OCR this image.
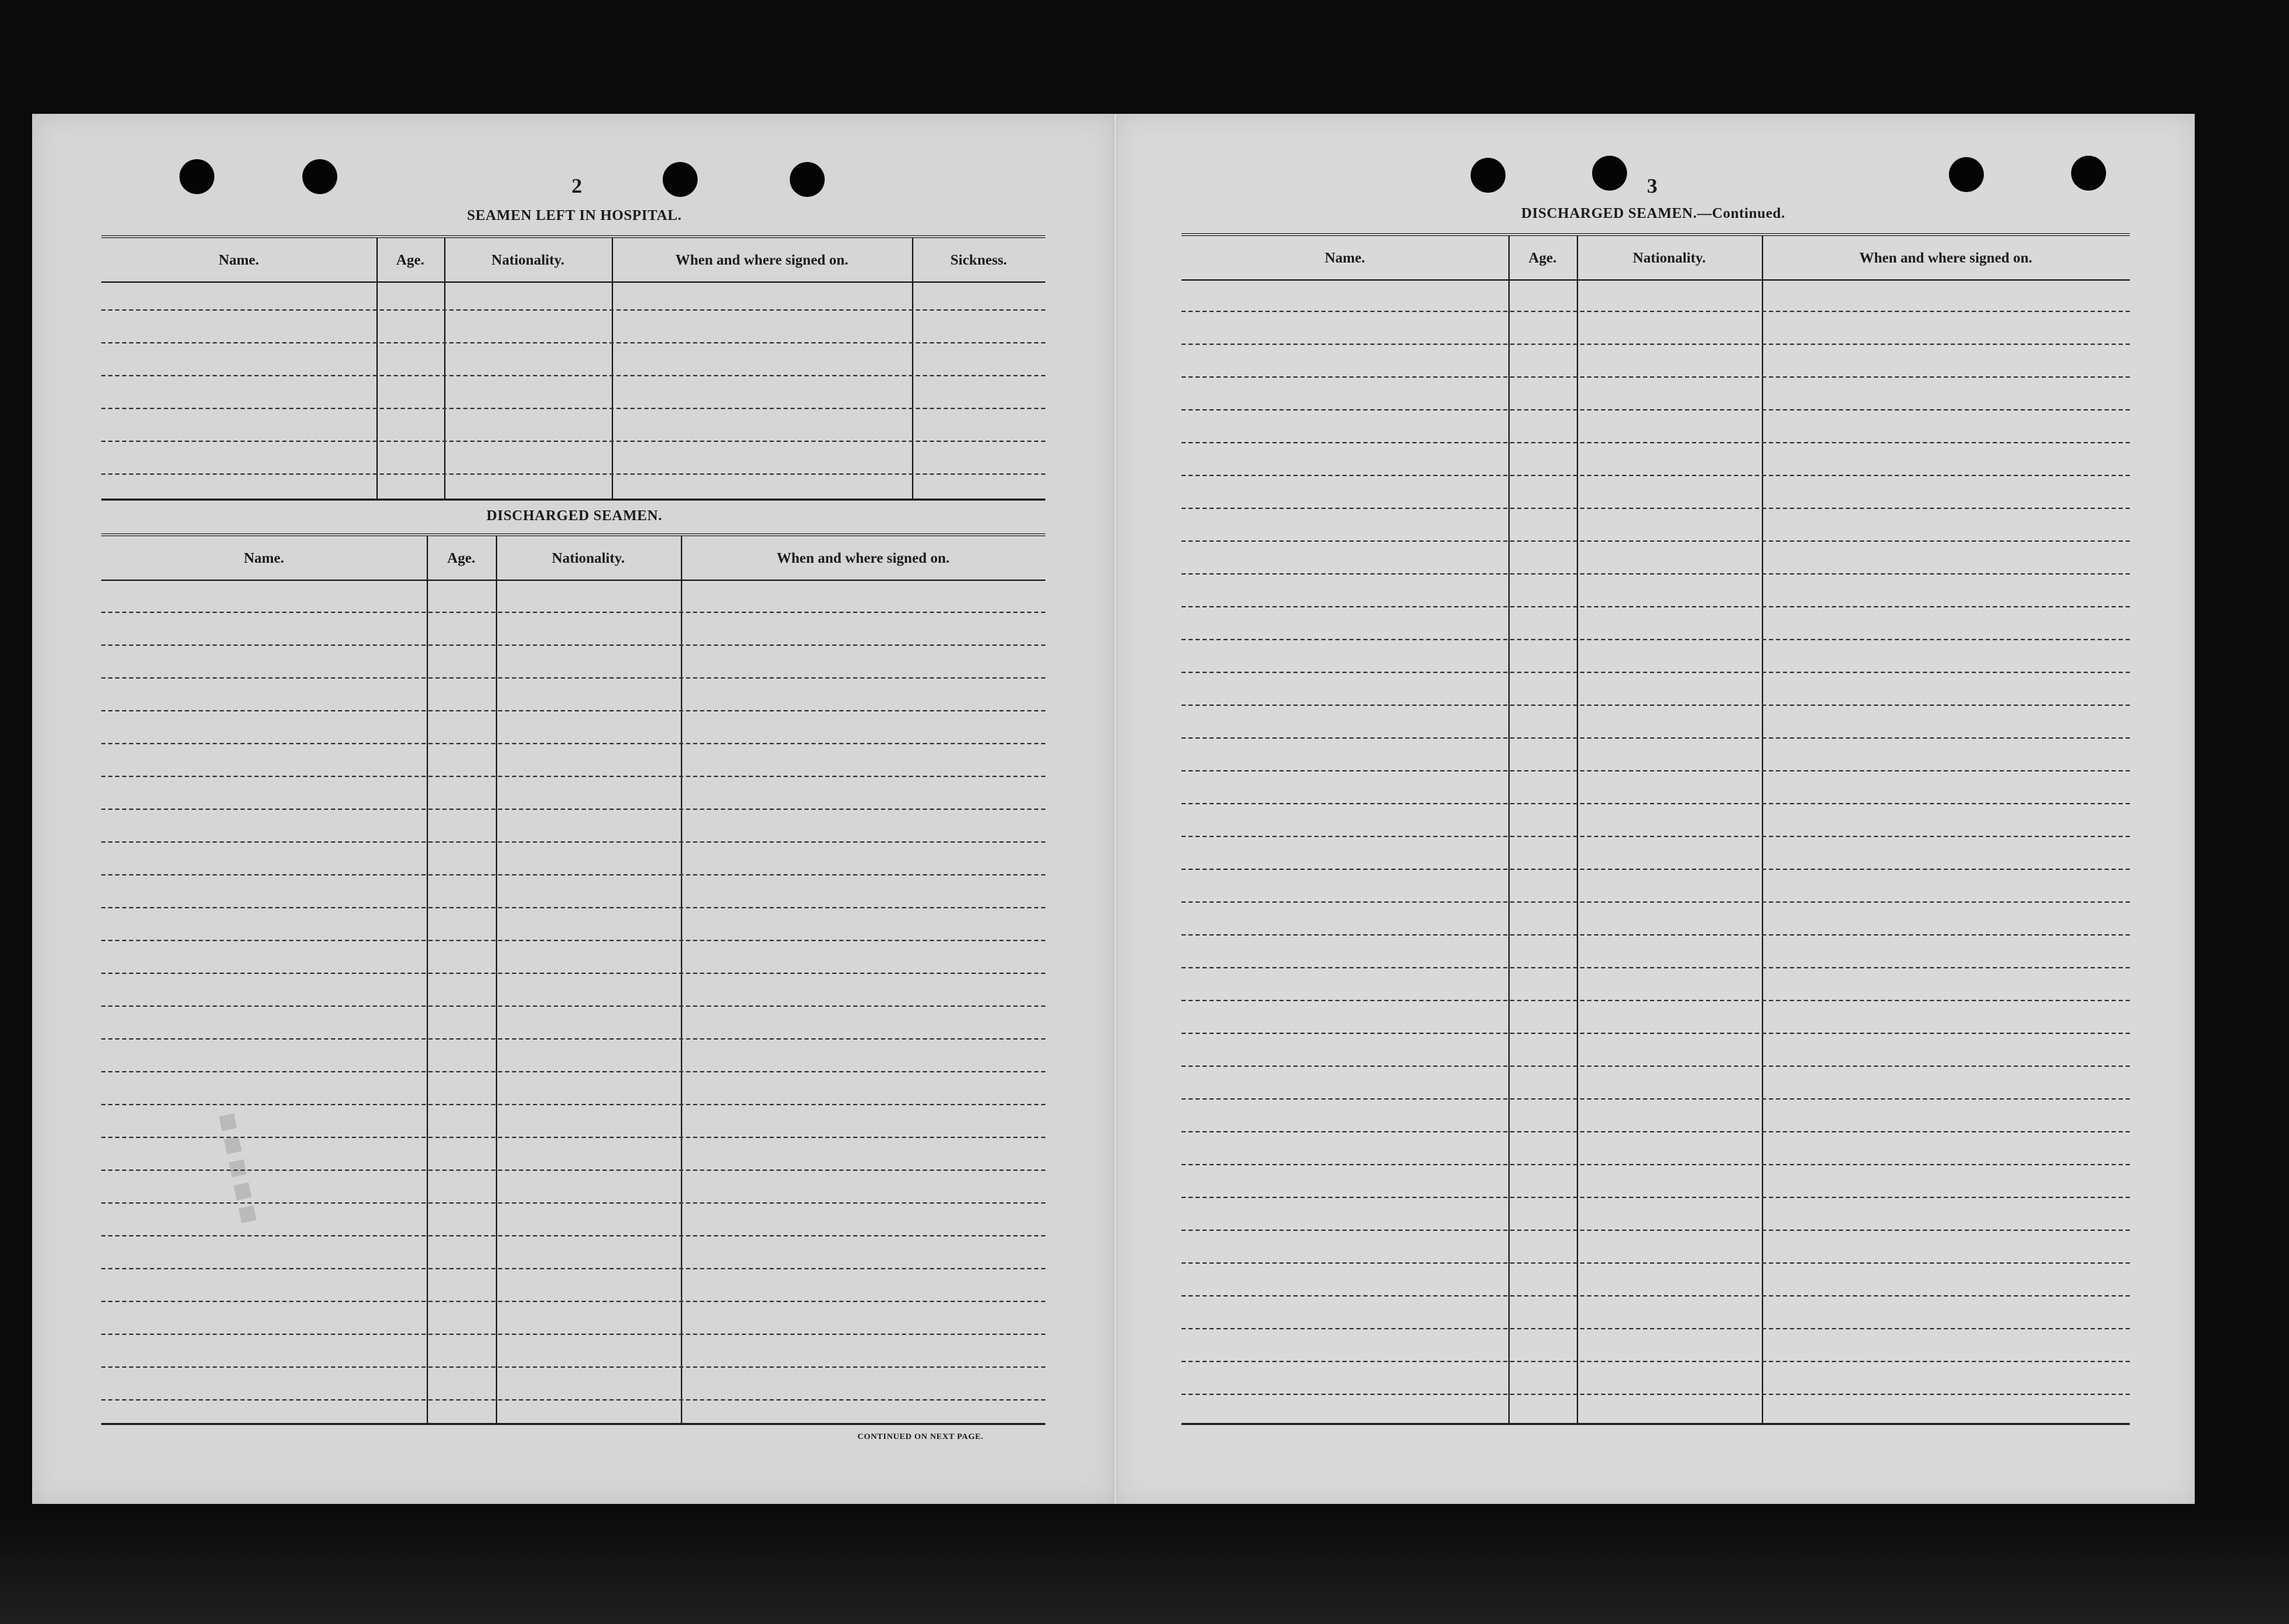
▪▪▪▪▪
2
SEAMEN LEFT IN HOSPITAL.
Name.	Age.	Nationality.	When and where signed on.	Sickness.
DISCHARGED SEAMEN.
Name.	Age.	Nationality.	When and where signed on.
CONTINUED ON NEXT PAGE.
3
DISCHARGED SEAMEN.—Continued.
Name.	Age.	Nationality.	When and where signed on.
